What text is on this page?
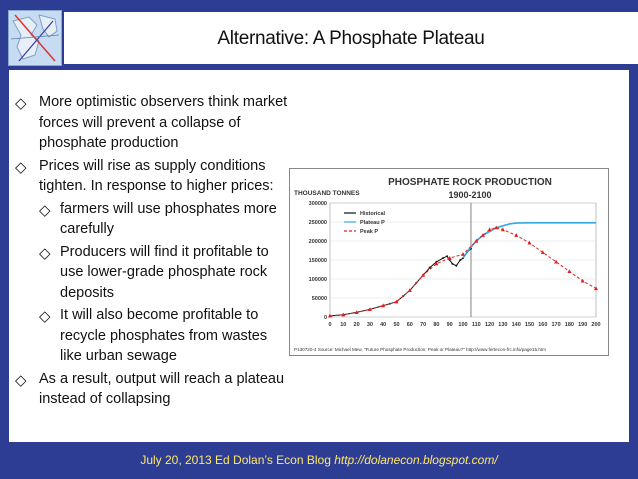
Alternative: A Phosphate Plateau
◇ More optimistic observers think market forces will prevent a collapse of phosphate production
◇ Prices will rise as supply conditions tighten. In response to higher prices:
◇ farmers will use phosphates more carefully
◇ Producers will find it profitable to use lower-grade phosphate rock deposits
◇ It will also become profitable to recycle phosphates from wastes like urban sewage
◇ As a result, output will reach a plateau instead of collapsing
PHOSPHATE ROCK PRODUCTION
1900-2100
THOUSAND TONNES
0
50000
100000
150000
200000
250000
300000
0 10 20 30 40 50 60 70 80 90 100 110 120 130 140 150 160 170 180 190 200
Historical
Plateau P
Peak P
P130720-4 Source: Michael Mew, "Future Phosphate Production: Peak or Plateau?" http://www.fertecon-frc.info/page15.htm
July 20, 2013 Ed Dolan’s Econ Blog http://dolanecon.blogspot.com/
